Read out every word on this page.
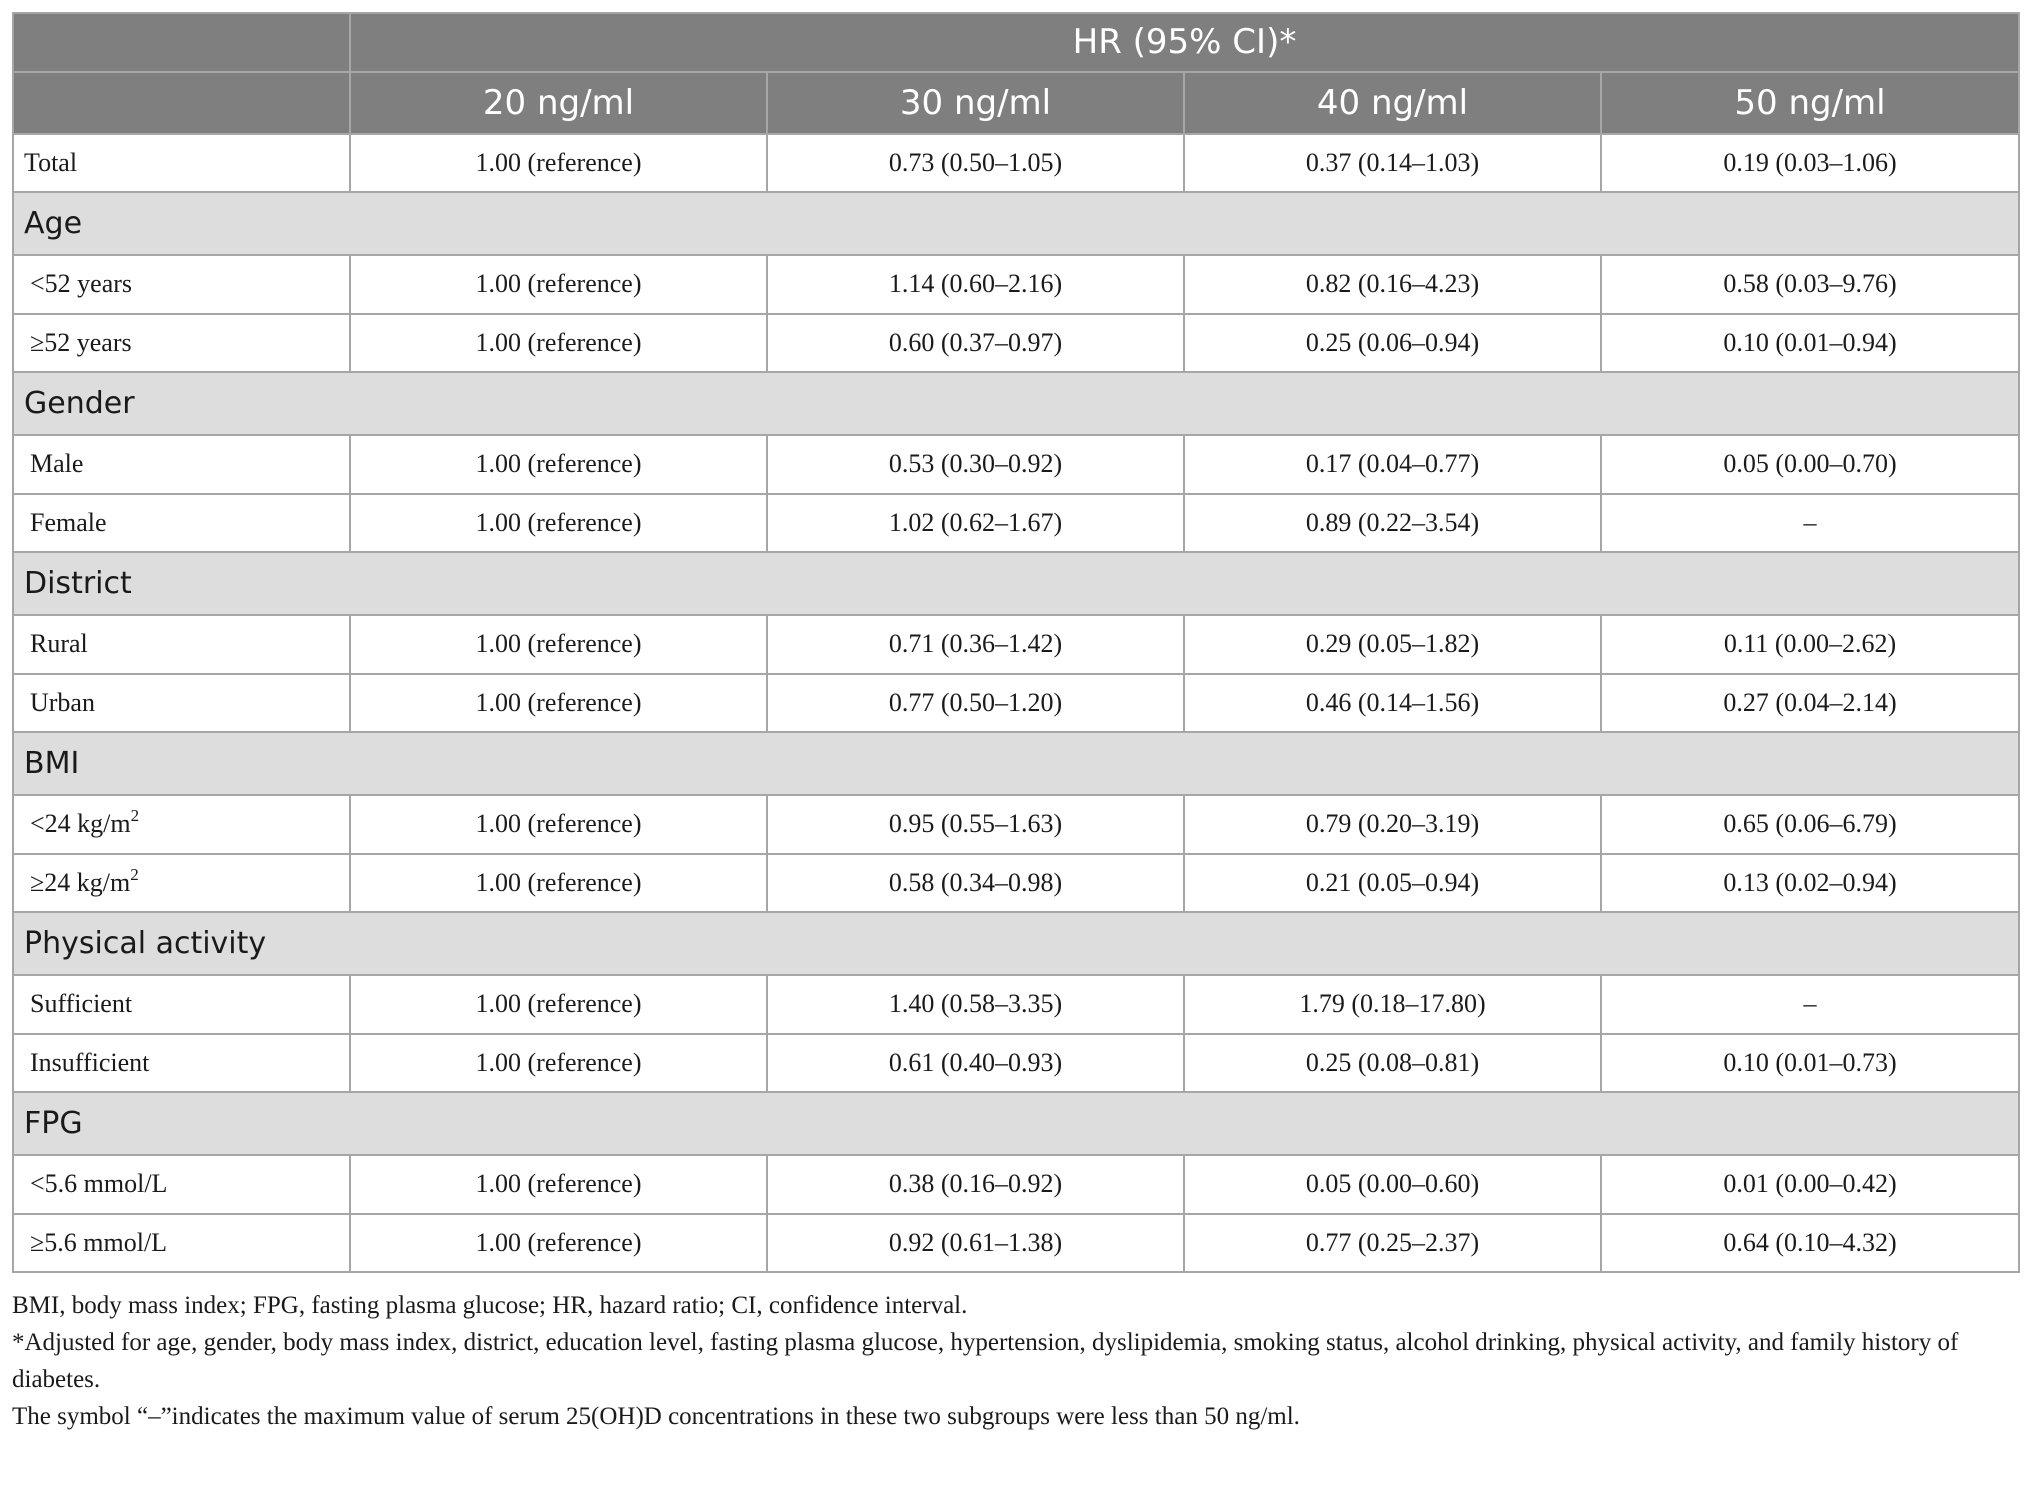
	HR (95% CI)*			
	20 ng/ml	30 ng/ml	40 ng/ml	50 ng/ml
Total	1.00 (reference)	0.73 (0.50–1.05)	0.37 (0.14–1.03)	0.19 (0.03–1.06)
Age				
<52 years	1.00 (reference)	1.14 (0.60–2.16)	0.82 (0.16–4.23)	0.58 (0.03–9.76)
≥52 years	1.00 (reference)	0.60 (0.37–0.97)	0.25 (0.06–0.94)	0.10 (0.01–0.94)
Gender				
Male	1.00 (reference)	0.53 (0.30–0.92)	0.17 (0.04–0.77)	0.05 (0.00–0.70)
Female	1.00 (reference)	1.02 (0.62–1.67)	0.89 (0.22–3.54)	–
District				
Rural	1.00 (reference)	0.71 (0.36–1.42)	0.29 (0.05–1.82)	0.11 (0.00–2.62)
Urban	1.00 (reference)	0.77 (0.50–1.20)	0.46 (0.14–1.56)	0.27 (0.04–2.14)
BMI				
<24 $kg/m^2$	1.00 (reference)	0.95 (0.55–1.63)	0.79 (0.20–3.19)	0.65 (0.06–6.79)
≥24 $kg/m^2$	1.00 (reference)	0.58 (0.34–0.98)	0.21 (0.05–0.94)	0.13 (0.02–0.94)
Physical activity				
Sufficient	1.00 (reference)	1.40 (0.58–3.35)	1.79 (0.18–17.80)	–
Insufficient	1.00 (reference)	0.61 (0.40–0.93)	0.25 (0.08–0.81)	0.10 (0.01–0.73)
FPG				
<5.6 mmol/L	1.00 (reference)	0.38 (0.16–0.92)	0.05 (0.00–0.60)	0.01 (0.00–0.42)
≥5.6 mmol/L	1.00 (reference)	0.92 (0.61–1.38)	0.77 (0.25–2.37)	0.64 (0.10–4.32)

BMI, body mass index; FPG, fasting plasma glucose; HR, hazard ratio; CI, confidence interval.

*Adjusted for age, gender, body mass index, district, education level, fasting plasma glucose, hypertension, dyslipidemia, smoking status, alcohol drinking, physical activity, and family history of diabetes.

The symbol “–”indicates the maximum value of serum 25(OH)D concentrations in these two subgroups were less than 50 ng/ml.
